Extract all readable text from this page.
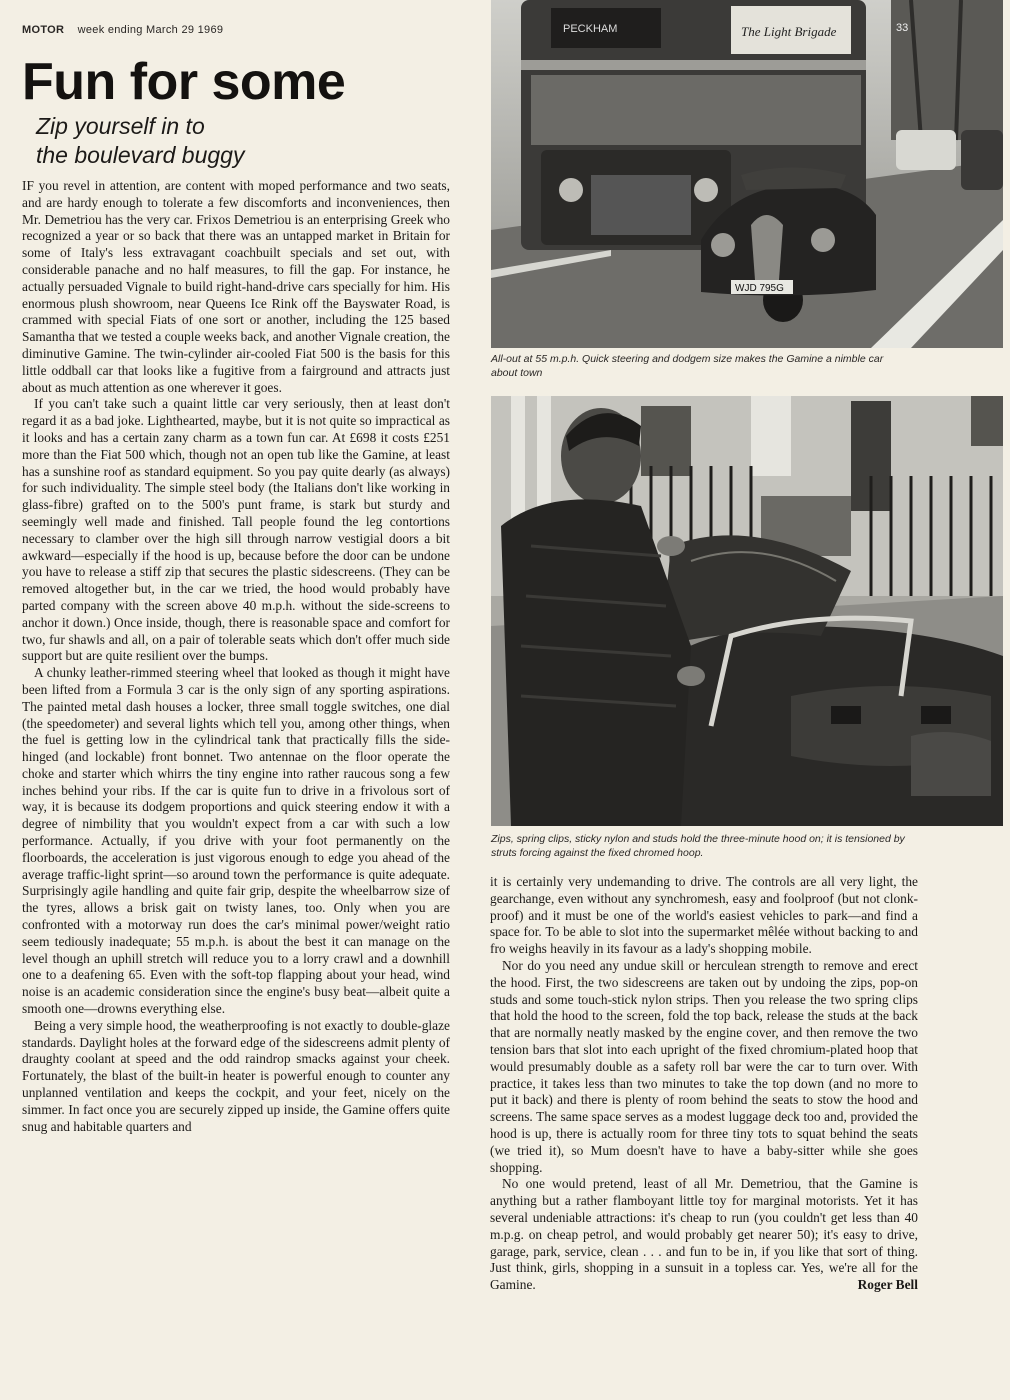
MOTOR week ending March 29 1969
Fun for some
Zip yourself in to
the boulevard buggy

IF you revel in attention, are content with moped performance and two seats, and are hardy enough to tolerate a few discomforts and inconveniences, then Mr. Demetriou has the very car. Frixos Demetriou is an enterprising Greek who recognized a year or so back that there was an untapped market in Britain for some of Italy's less extravagant coachbuilt specials and set out, with considerable panache and no half measures, to fill the gap. For instance, he actually persuaded Vignale to build right-hand-drive cars specially for him. His enormous plush showroom, near Queens Ice Rink off the Bayswater Road, is crammed with special Fiats of one sort or another, including the 125 based Samantha that we tested a couple weeks back, and another Vignale creation, the diminutive Gamine. The twin-cylinder air-cooled Fiat 500 is the basis for this little oddball car that looks like a fugitive from a fairground and attracts just about as much attention as one wherever it goes.

If you can't take such a quaint little car very seriously, then at least don't regard it as a bad joke. Lighthearted, maybe, but it is not quite so impractical as it looks and has a certain zany charm as a town fun car. At £698 it costs £251 more than the Fiat 500 which, though not an open tub like the Gamine, at least has a sunshine roof as standard equipment. So you pay quite dearly (as always) for such individuality. The simple steel body (the Italians don't like working in glass-fibre) grafted on to the 500's punt frame, is stark but sturdy and seemingly well made and finished. Tall people found the leg contortions necessary to clamber over the high sill through narrow vestigial doors a bit awkward—especially if the hood is up, because before the door can be undone you have to release a stiff zip that secures the plastic sidescreens. (They can be removed altogether but, in the car we tried, the hood would probably have parted company with the screen above 40 m.p.h. without the side-screens to anchor it down.) Once inside, though, there is reasonable space and comfort for two, fur shawls and all, on a pair of tolerable seats which don't offer much side support but are quite resilient over the bumps.

A chunky leather-rimmed steering wheel that looked as though it might have been lifted from a Formula 3 car is the only sign of any sporting aspirations. The painted metal dash houses a locker, three small toggle switches, one dial (the speedometer) and several lights which tell you, among other things, when the fuel is getting low in the cylindrical tank that practically fills the side-hinged (and lockable) front bonnet. Two antennae on the floor operate the choke and starter which whirrs the tiny engine into rather raucous song a few inches behind your ribs. If the car is quite fun to drive in a frivolous sort of way, it is because its dodgem proportions and quick steering endow it with a degree of nimbility that you wouldn't expect from a car with such a low performance. Actually, if you drive with your foot permanently on the floorboards, the acceleration is just vigorous enough to edge you ahead of the average traffic-light sprint—so around town the performance is quite adequate. Surprisingly agile handling and quite fair grip, despite the wheelbarrow size of the tyres, allows a brisk gait on twisty lanes, too. Only when you are confronted with a motorway run does the car's minimal power/weight ratio seem tediously inadequate; 55 m.p.h. is about the best it can manage on the level though an uphill stretch will reduce you to a lorry crawl and a downhill one to a deafening 65. Even with the soft-top flapping about your head, wind noise is an academic consideration since the engine's busy beat—albeit quite a smooth one—drowns everything else.

Being a very simple hood, the weatherproofing is not exactly to double-glaze standards. Daylight holes at the forward edge of the sidescreens admit plenty of draughty coolant at speed and the odd raindrop smacks against your cheek. Fortunately, the blast of the built-in heater is powerful enough to counter any unplanned ventilation and keeps the cockpit, and your feet, nicely on the simmer. In fact once you are securely zipped up inside, the Gamine offers quite snug and habitable quarters and

The Light Brigade
PECKHAM
WJD 795G
33
All-out at 55 m.p.h. Quick steering and dodgem size makes the Gamine a nimble car about town
Zips, spring clips, sticky nylon and studs hold the three-minute hood on; it is tensioned by struts forcing against the fixed chromed hoop.

it is certainly very undemanding to drive. The controls are all very light, the gearchange, even without any synchromesh, easy and foolproof (but not clonk-proof) and it must be one of the world's easiest vehicles to park—and find a space for. To be able to slot into the supermarket mêlée without backing to and fro weighs heavily in its favour as a lady's shopping mobile.

Nor do you need any undue skill or herculean strength to remove and erect the hood. First, the two sidescreens are taken out by undoing the zips, pop-on studs and some touch-stick nylon strips. Then you release the two spring clips that hold the hood to the screen, fold the top back, release the studs at the back that are normally neatly masked by the engine cover, and then remove the two tension bars that slot into each upright of the fixed chromium-plated hoop that would presumably double as a safety roll bar were the car to turn over. With practice, it takes less than two minutes to take the top down (and no more to put it back) and there is plenty of room behind the seats to stow the hood and screens. The same space serves as a modest luggage deck too and, provided the hood is up, there is actually room for three tiny tots to squat behind the seats (we tried it), so Mum doesn't have to have a baby-sitter while she goes shopping.

No one would pretend, least of all Mr. Demetriou, that the Gamine is anything but a rather flamboyant little toy for marginal motorists. Yet it has several undeniable attractions: it's cheap to run (you couldn't get less than 40 m.p.g. on cheap petrol, and would probably get nearer 50); it's easy to drive, garage, park, service, clean . . . and fun to be in, if you like that sort of thing. Just think, girls, shopping in a sunsuit in a topless car. Yes, we're all for the Gamine.	Roger Bell
